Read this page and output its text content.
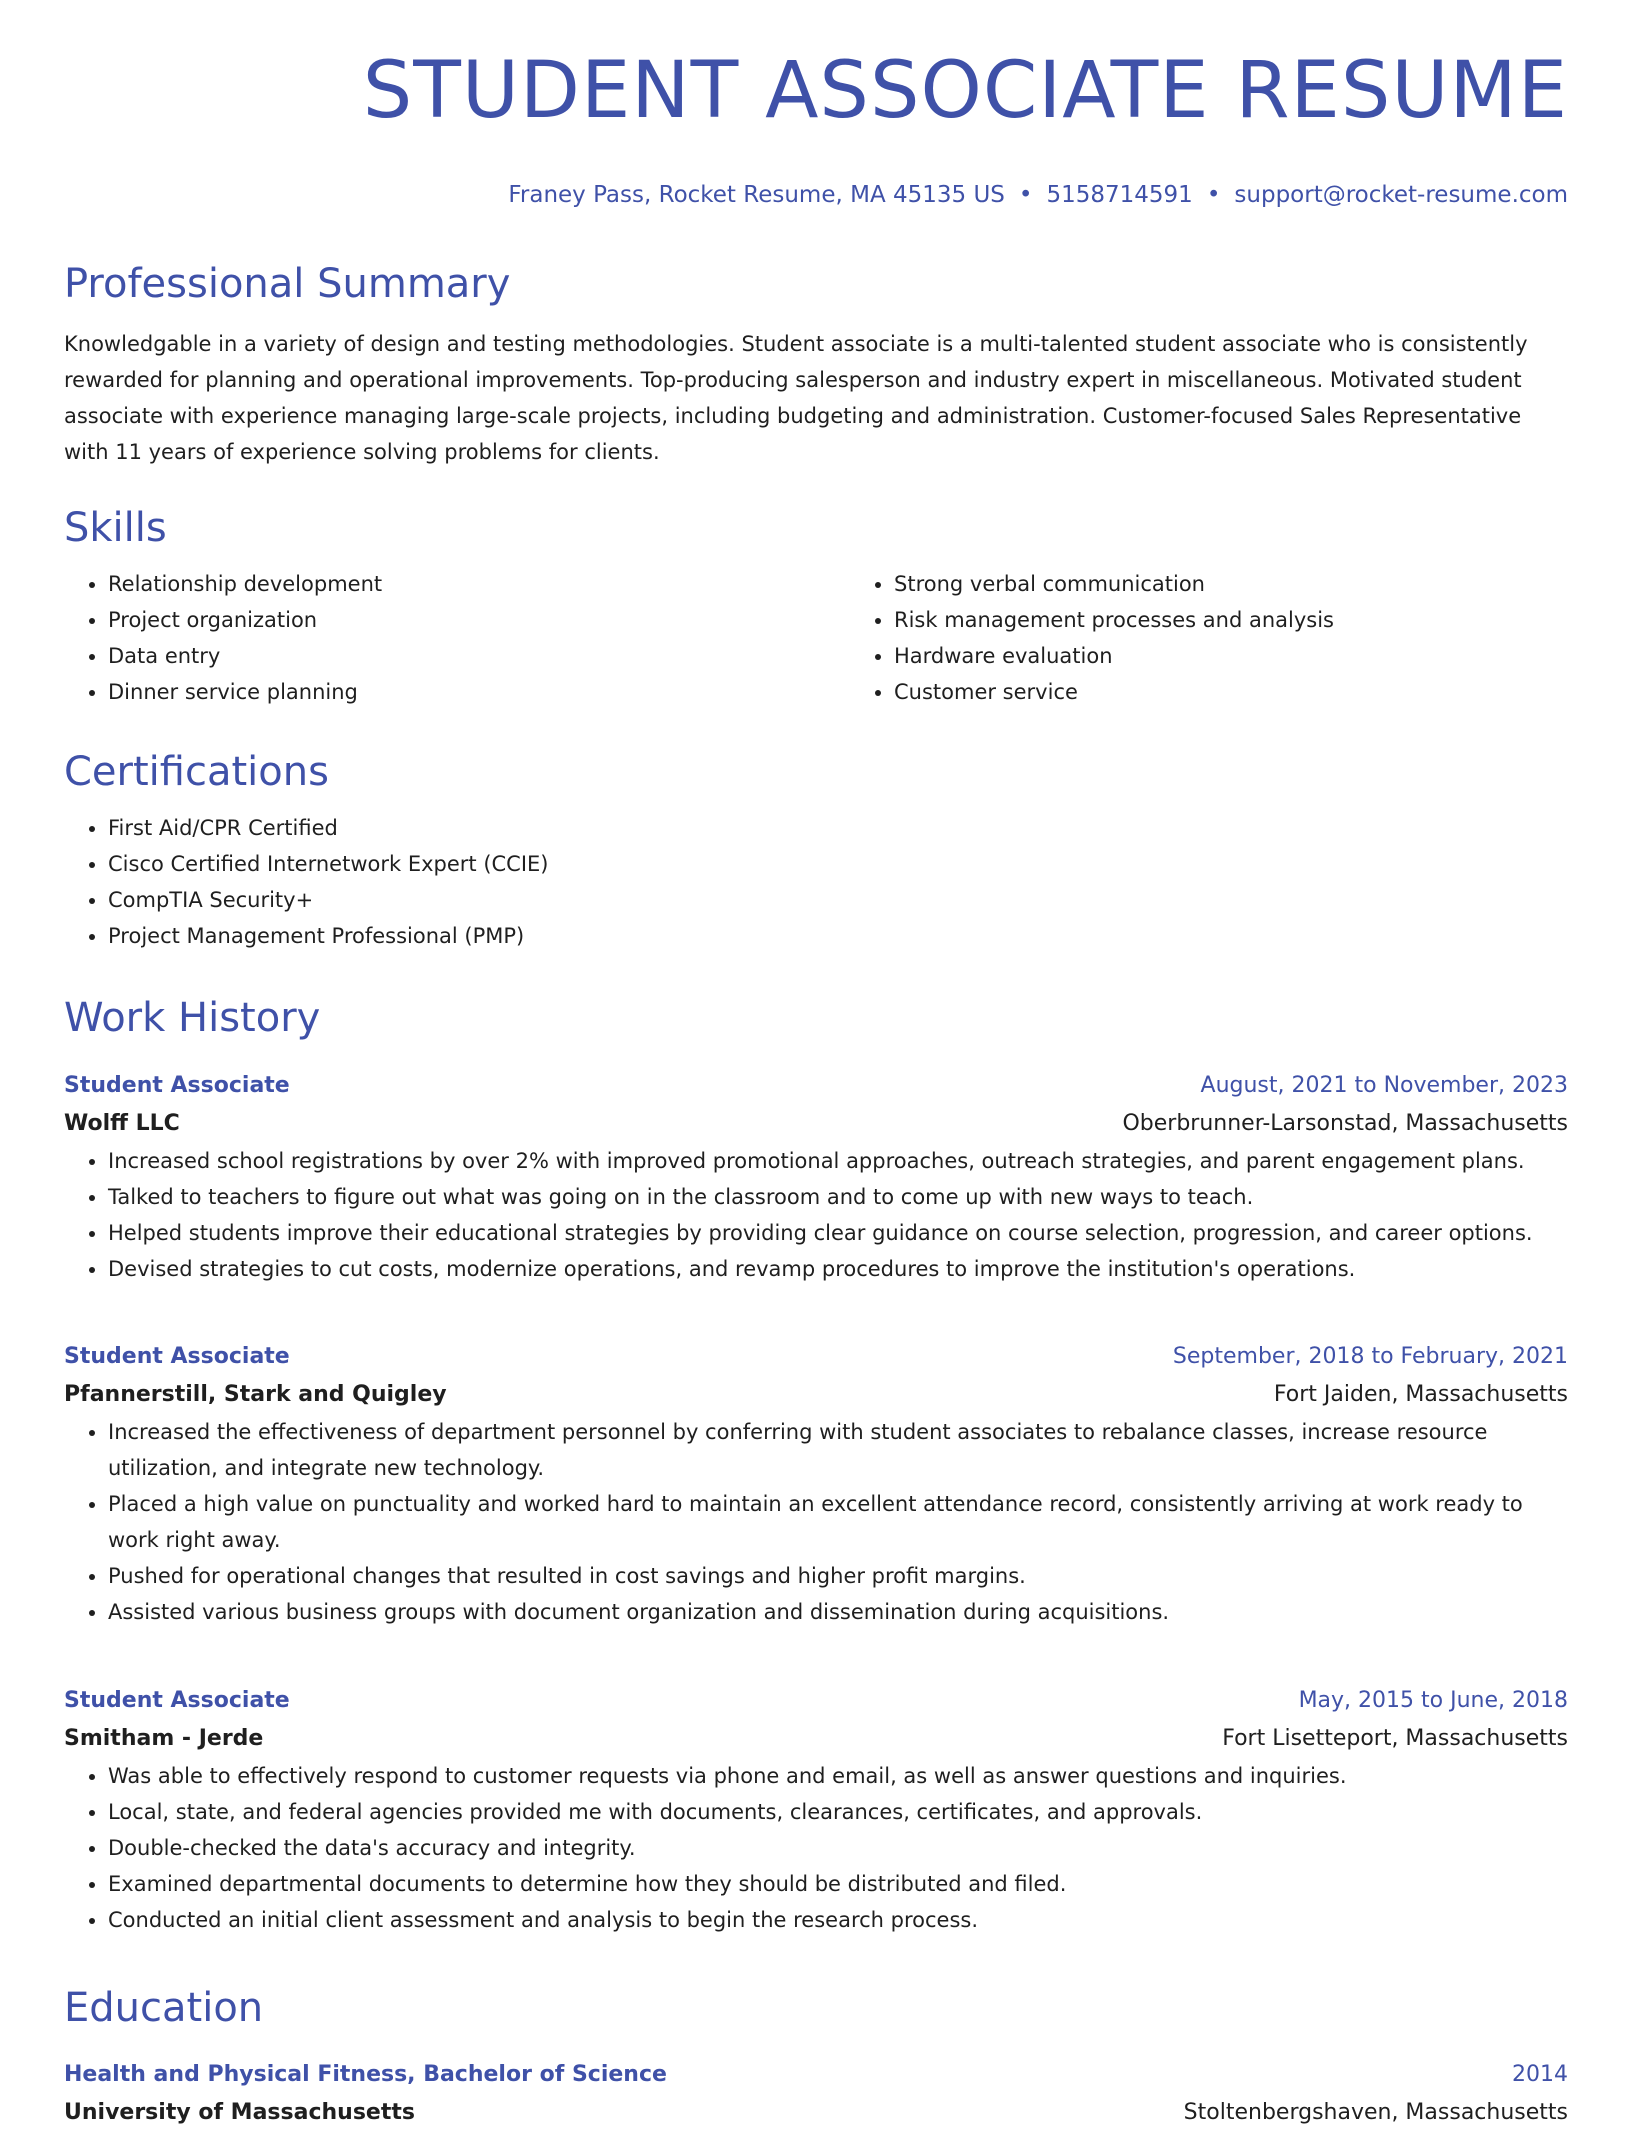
STUDENT ASSOCIATE RESUME
Franey Pass, Rocket Resume, MA 45135 US • 5158714591 • support@rocket-resume.com
Professional Summary

Knowledgable in a variety of design and testing methodologies. Student associate is a multi-talented student associate who is consistently rewarded for planning and operational improvements. Top-producing salesperson and industry expert in miscellaneous. Motivated student associate with experience managing large-scale projects, including budgeting and administration. Customer-focused Sales Representative with 11 years of experience solving problems for clients.

Skills
• Relationship development
• Project organization
• Data entry
• Dinner service planning
• Strong verbal communication
• Risk management processes and analysis
• Hardware evaluation
• Customer service
Certifications
• First Aid/CPR Certified
• Cisco Certified Internetwork Expert (CCIE)
• CompTIA Security+
• Project Management Professional (PMP)
Work History
Student Associate	August, 2021 to November, 2023
Wolff LLC	Oberbrunner-Larsonstad, Massachusetts
• Increased school registrations by over 2% with improved promotional approaches, outreach strategies, and parent engagement plans.
• Talked to teachers to figure out what was going on in the classroom and to come up with new ways to teach.
• Helped students improve their educational strategies by providing clear guidance on course selection, progression, and career options.
• Devised strategies to cut costs, modernize operations, and revamp procedures to improve the institution's operations.
Student Associate	September, 2018 to February, 2021
Pfannerstill, Stark and Quigley	Fort Jaiden, Massachusetts
• Increased the effectiveness of department personnel by conferring with student associates to rebalance classes, increase resource utilization, and integrate new technology.
• Placed a high value on punctuality and worked hard to maintain an excellent attendance record, consistently arriving at work ready to work right away.
• Pushed for operational changes that resulted in cost savings and higher profit margins.
• Assisted various business groups with document organization and dissemination during acquisitions.
Student Associate	May, 2015 to June, 2018
Smitham - Jerde	Fort Lisetteport, Massachusetts
• Was able to effectively respond to customer requests via phone and email, as well as answer questions and inquiries.
• Local, state, and federal agencies provided me with documents, clearances, certificates, and approvals.
• Double-checked the data's accuracy and integrity.
• Examined departmental documents to determine how they should be distributed and filed.
• Conducted an initial client assessment and analysis to begin the research process.
Education
Health and Physical Fitness, Bachelor of Science	2014
University of Massachusetts	Stoltenbergshaven, Massachusetts
